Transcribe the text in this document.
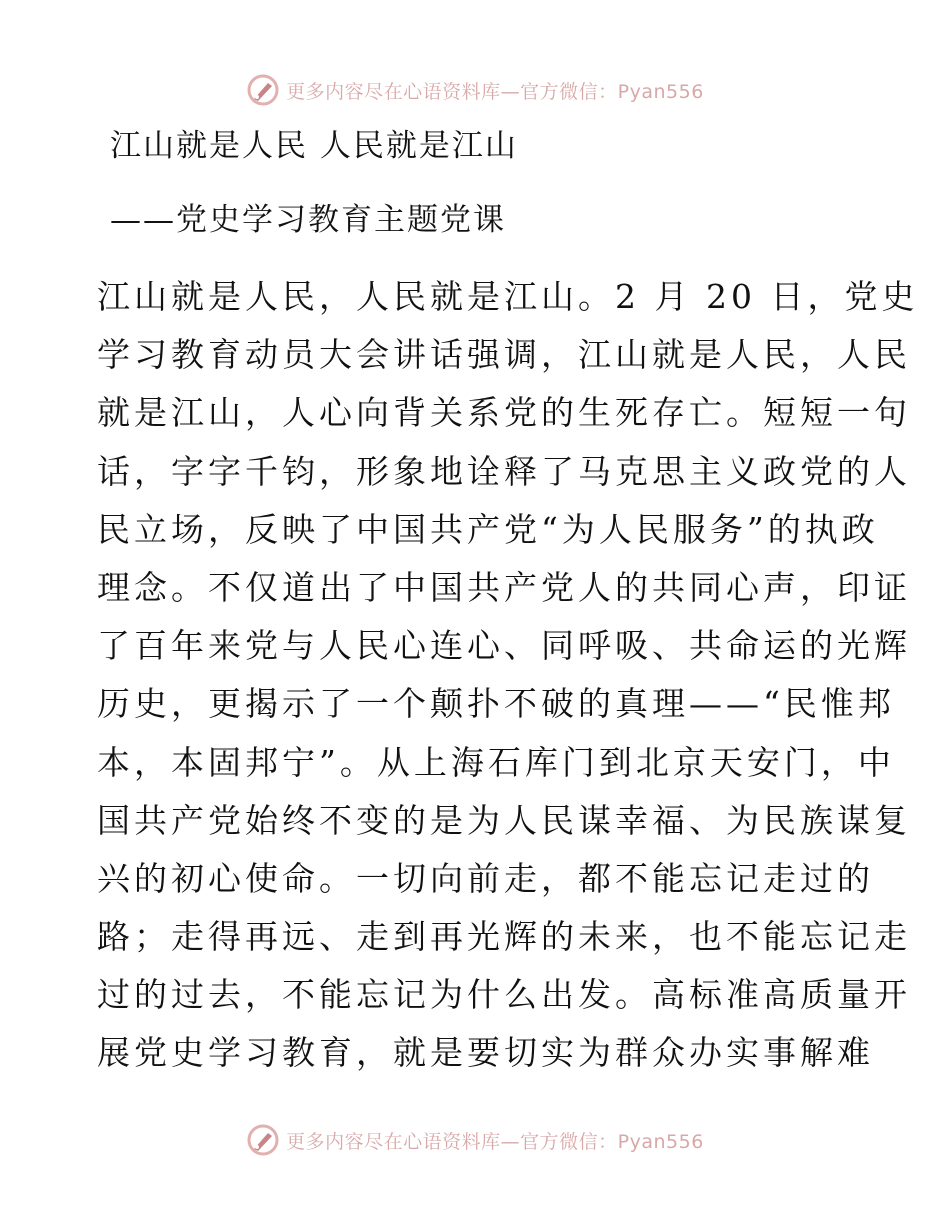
更多内容尽在心语资料库—官方微信：Pyan556
江山就是人民 人民就是江山
——党史学习教育主题党课
江山就是人民，人民就是江山。2 月 20 日，党史
学习教育动员大会讲话强调，江山就是人民，人民
就是江山，人心向背关系党的生死存亡。短短一句
话，字字千钧，形象地诠释了马克思主义政党的人
民立场，反映了中国共产党“为人民服务”的执政
理念。不仅道出了中国共产党人的共同心声，印证
了百年来党与人民心连心、同呼吸、共命运的光辉
历史，更揭示了一个颠扑不破的真理——“民惟邦
本，本固邦宁”。从上海石库门到北京天安门，中
国共产党始终不变的是为人民谋幸福、为民族谋复
兴的初心使命。一切向前走，都不能忘记走过的
路；走得再远、走到再光辉的未来，也不能忘记走
过的过去，不能忘记为什么出发。高标准高质量开
展党史学习教育，就是要切实为群众办实事解难
更多内容尽在心语资料库—官方微信：Pyan556
